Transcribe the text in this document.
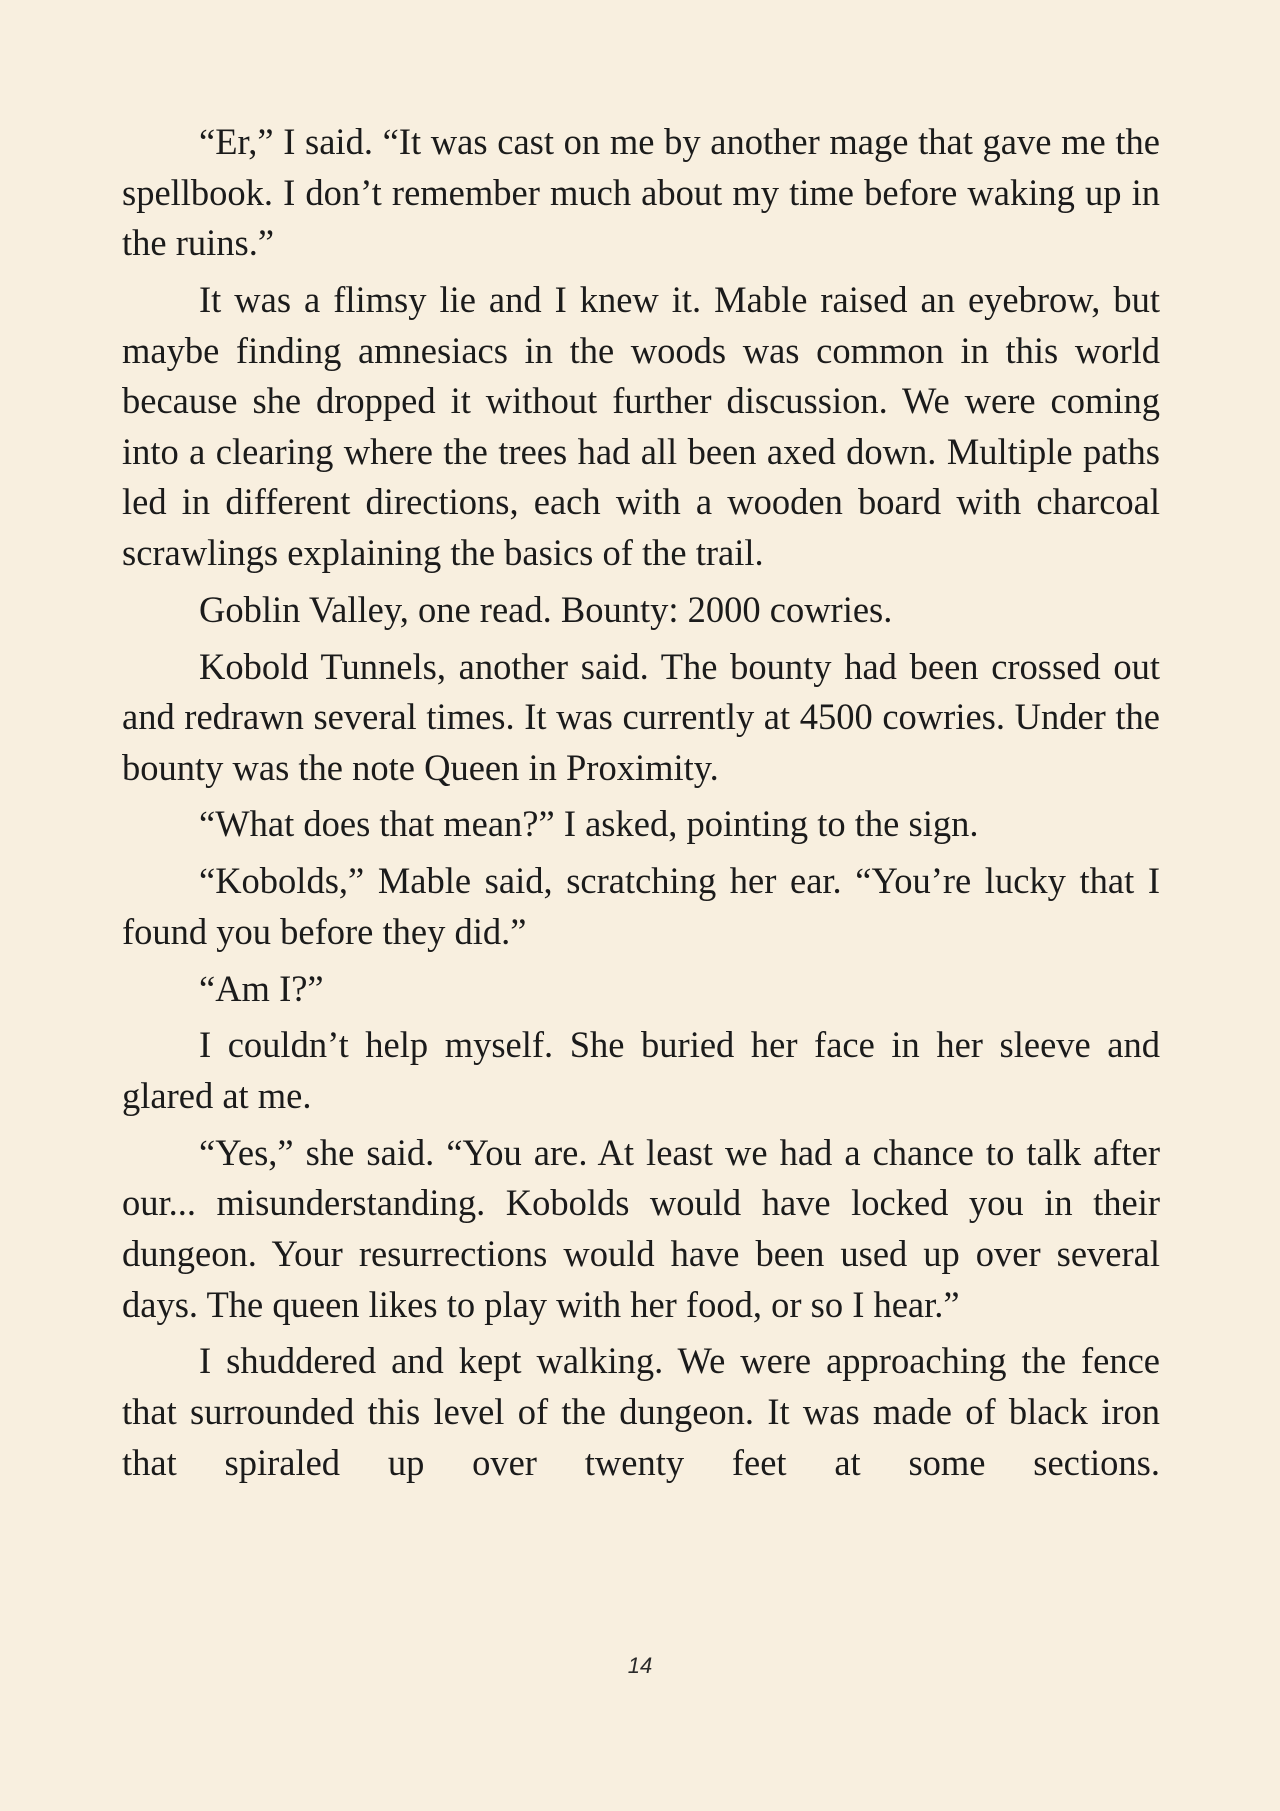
“Er,” I said. “It was cast on me by another mage that gave me the spellbook. I don’t remember much about my time before waking up in the ruins.”

It was a flimsy lie and I knew it. Mable raised an eyebrow, but maybe finding amnesiacs in the woods was common in this world because she dropped it without further discussion. We were coming into a clearing where the trees had all been axed down. Multiple paths led in different directions, each with a wooden board with charcoal scrawlings explaining the basics of the trail.

Goblin Valley, one read. Bounty: 2000 cowries.

Kobold Tunnels, another said. The bounty had been crossed out and redrawn several times. It was currently at 4500 cowries. Under the bounty was the note Queen in Proximity.

“What does that mean?” I asked, pointing to the sign.

“Kobolds,” Mable said, scratching her ear. “You’re lucky that I found you before they did.”

“Am I?”

I couldn’t help myself. She buried her face in her sleeve and glared at me.

“Yes,” she said. “You are. At least we had a chance to talk after our... misunderstanding. Kobolds would have locked you in their dungeon. Your resurrections would have been used up over several days. The queen likes to play with her food, or so I hear.”

I shuddered and kept walking. We were approaching the fence that surrounded this level of the dungeon. It was made of black iron that spiraled up over twenty feet at some sections.

14
